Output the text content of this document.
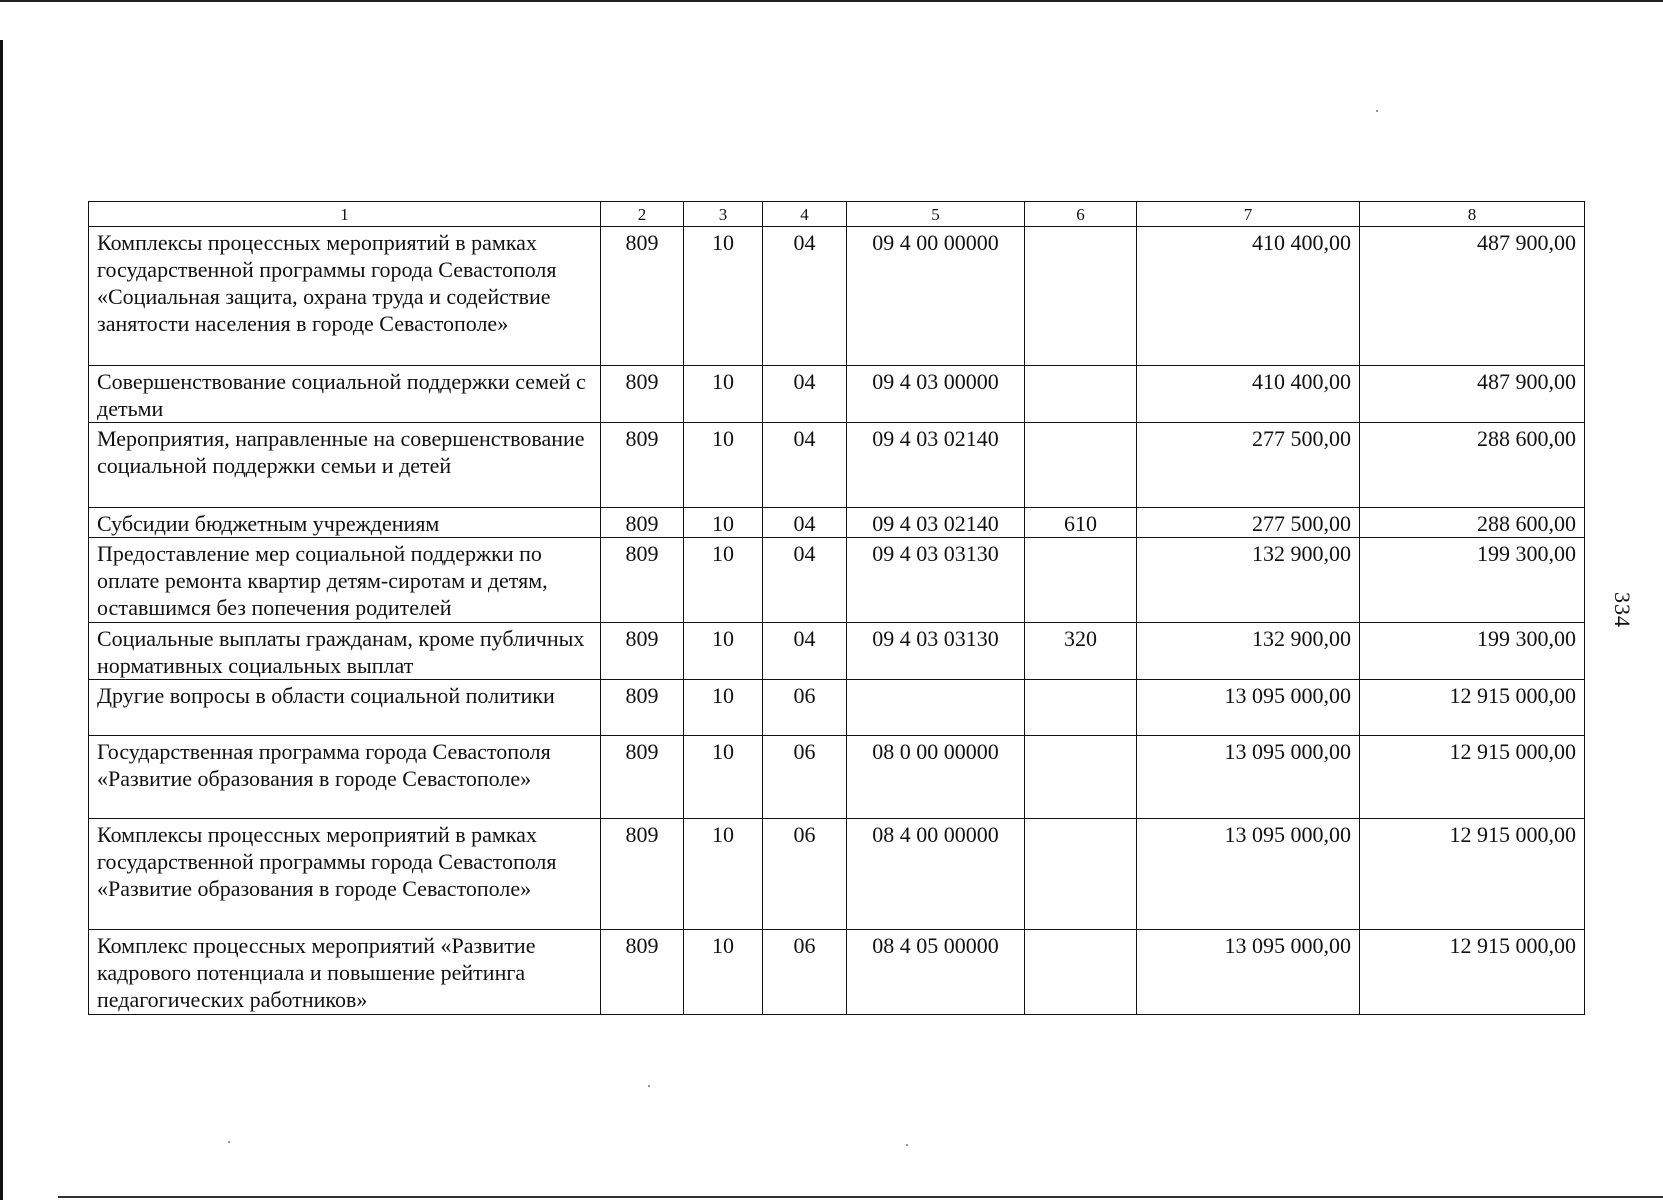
334
1	2	3	4	5	6	7	8
Комплексы процессных мероприятий в рамках государственной программы города Севастополя «Социальная защита, охрана труда и содействие занятости населения в городе Севастополе»	809	10	04	09 4 00 00000		410 400,00	487 900,00
Совершенствование социальной поддержки семей с детьми	809	10	04	09 4 03 00000		410 400,00	487 900,00
Мероприятия, направленные на совершенствование социальной поддержки семьи и детей	809	10	04	09 4 03 02140		277 500,00	288 600,00
Субсидии бюджетным учреждениям	809	10	04	09 4 03 02140	610	277 500,00	288 600,00
Предоставление мер социальной поддержки по оплате ремонта квартир детям-сиротам и детям, оставшимся без попечения родителей	809	10	04	09 4 03 03130		132 900,00	199 300,00
Социальные выплаты гражданам, кроме публичных нормативных социальных выплат	809	10	04	09 4 03 03130	320	132 900,00	199 300,00
Другие вопросы в области социальной политики	809	10	06			13 095 000,00	12 915 000,00
Государственная программа города Севастополя «Развитие образования в городе Севастополе»	809	10	06	08 0 00 00000		13 095 000,00	12 915 000,00
Комплексы процессных мероприятий в рамках государственной программы города Севастополя «Развитие образования в городе Севастополе»	809	10	06	08 4 00 00000		13 095 000,00	12 915 000,00
Комплекс процессных мероприятий «Развитие кадрового потенциала и повышение рейтинга педагогических работников»	809	10	06	08 4 05 00000		13 095 000,00	12 915 000,00
